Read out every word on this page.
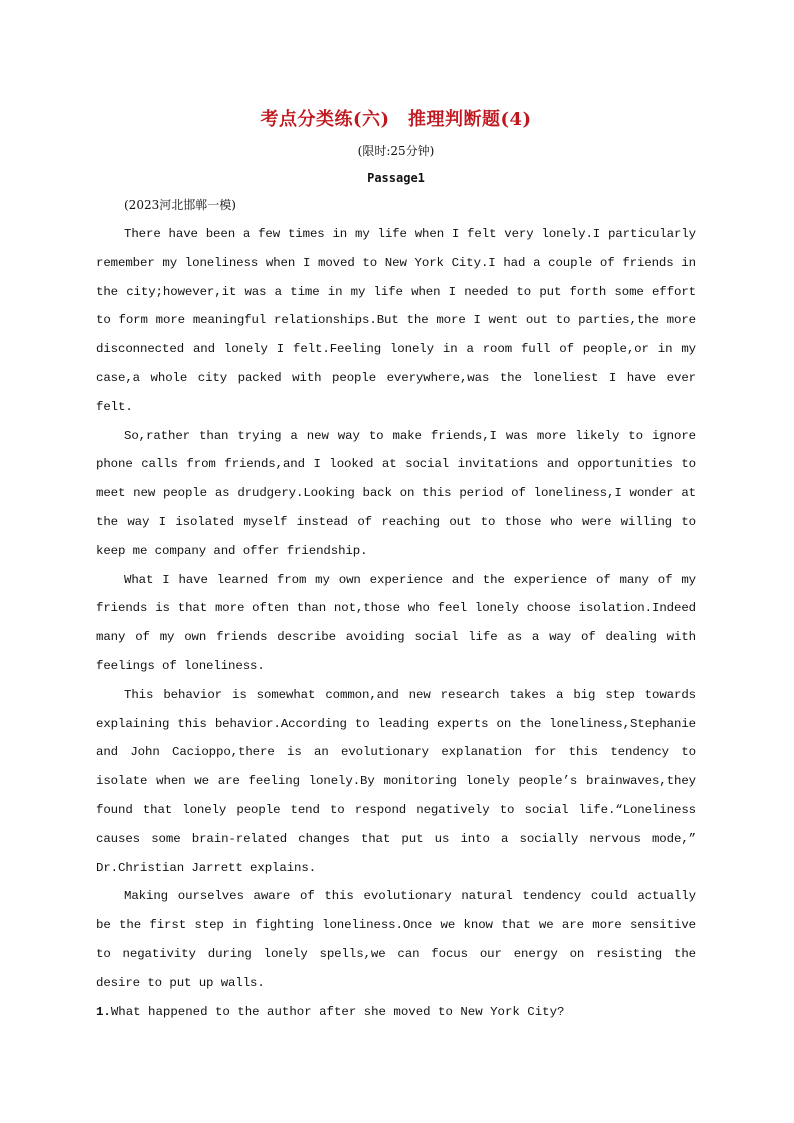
考点分类练(六)　推理判断题(4)

(限时:25分钟)

Passage1

(2023河北邯郸一模)

There have been a few times in my life when I felt very lonely.I particularly remember my loneliness when I moved to New York City.I had a couple of friends in the city;however,it was a time in my life when I needed to put forth some effort to form more meaningful relationships.But the more I went out to parties,the more disconnected and lonely I felt.Feeling lonely in a room full of people,or in my case,a whole city packed with people everywhere,was the loneliest I have ever felt.

So,rather than trying a new way to make friends,I was more likely to ignore phone calls from friends,and I looked at social invitations and opportunities to meet new people as drudgery.Looking back on this period of loneliness,I wonder at the way I isolated myself instead of reaching out to those who were willing to keep me company and offer friendship.

What I have learned from my own experience and the experience of many of my friends is that more often than not,those who feel lonely choose isolation.Indeed many of my own friends describe avoiding social life as a way of dealing with feelings of loneliness.

This behavior is somewhat common,and new research takes a big step towards explaining this behavior.According to leading experts on the loneliness,Stephanie and John Cacioppo,there is an evolutionary explanation for this tendency to isolate when we are feeling lonely.By monitoring lonely people’s brainwaves,they found that lonely people tend to respond negatively to social life.“Loneliness causes some brain-related changes that put us into a socially nervous mode,” Dr.Christian Jarrett explains.

Making ourselves aware of this evolutionary natural tendency could actually be the first step in fighting loneliness.Once we know that we are more sensitive to negativity during lonely spells,we can focus our energy on resisting the desire to put up walls.

1.What happened to the author after she moved to New York City?
